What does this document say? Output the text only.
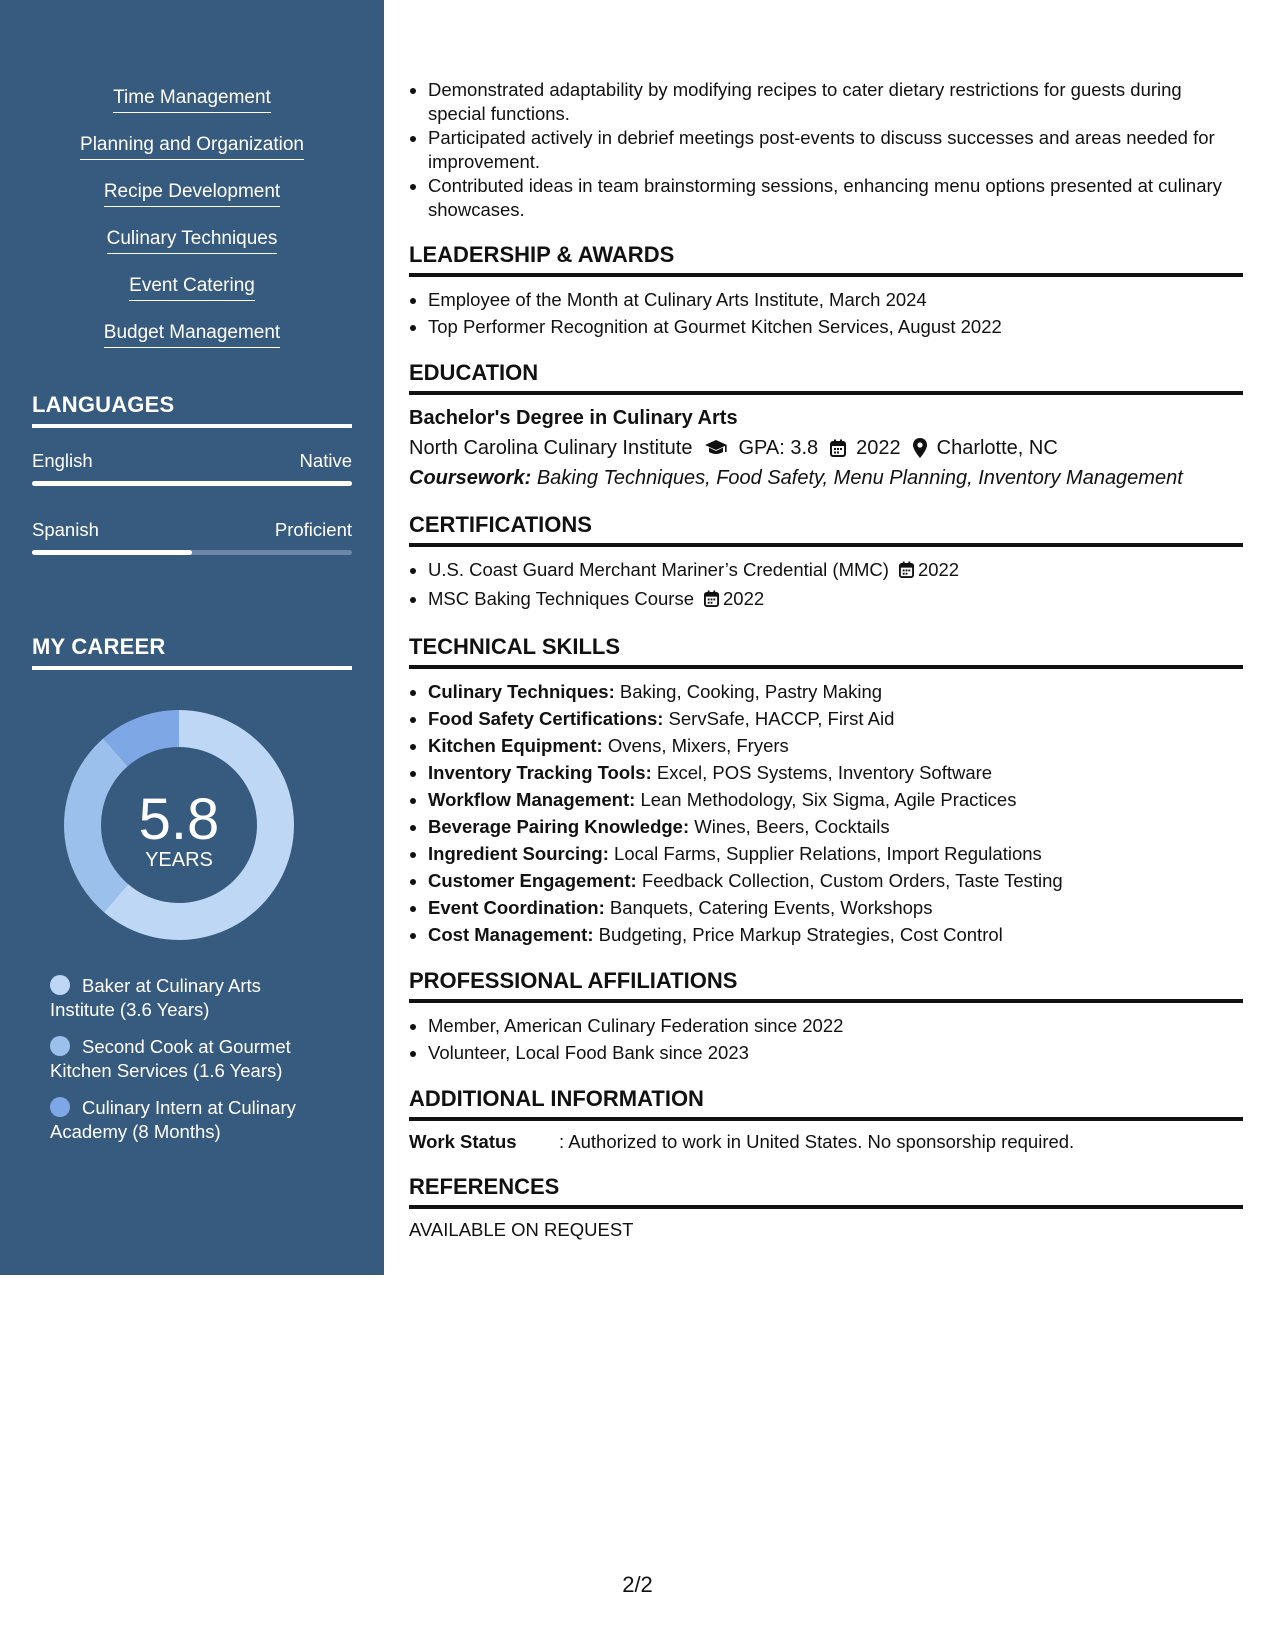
Time Management
Planning and Organization
Recipe Development
Culinary Techniques
Event Catering
Budget Management
LANGUAGES
English	Native
Spanish	Proficient
MY CAREER
5.8
YEARS
Baker at Culinary Arts Institute (3.6 Years)
Second Cook at Gourmet Kitchen Services (1.6 Years)
Culinary Intern at Culinary Academy (8 Months)
• Demonstrated adaptability by modifying recipes to cater dietary restrictions for guests during special functions.
• Participated actively in debrief meetings post-events to discuss successes and areas needed for improvement.
• Contributed ideas in team brainstorming sessions, enhancing menu options presented at culinary showcases.
LEADERSHIP & AWARDS
• Employee of the Month at Culinary Arts Institute, March 2024
• Top Performer Recognition at Gourmet Kitchen Services, August 2022
EDUCATION
Bachelor's Degree in Culinary Arts
North Carolina Culinary Institute GPA: 3.8 2022 Charlotte, NC
Coursework: Baking Techniques, Food Safety, Menu Planning, Inventory Management
CERTIFICATIONS
• U.S. Coast Guard Merchant Mariner’s Credential (MMC) 2022
• MSC Baking Techniques Course 2022
TECHNICAL SKILLS
• Culinary Techniques: Baking, Cooking, Pastry Making
• Food Safety Certifications: ServSafe, HACCP, First Aid
• Kitchen Equipment: Ovens, Mixers, Fryers
• Inventory Tracking Tools: Excel, POS Systems, Inventory Software
• Workflow Management: Lean Methodology, Six Sigma, Agile Practices
• Beverage Pairing Knowledge: Wines, Beers, Cocktails
• Ingredient Sourcing: Local Farms, Supplier Relations, Import Regulations
• Customer Engagement: Feedback Collection, Custom Orders, Taste Testing
• Event Coordination: Banquets, Catering Events, Workshops
• Cost Management: Budgeting, Price Markup Strategies, Cost Control
PROFESSIONAL AFFILIATIONS
• Member, American Culinary Federation since 2022
• Volunteer, Local Food Bank since 2023
ADDITIONAL INFORMATION
Work Status	: Authorized to work in United States. No sponsorship required.
REFERENCES
AVAILABLE ON REQUEST
2/2
